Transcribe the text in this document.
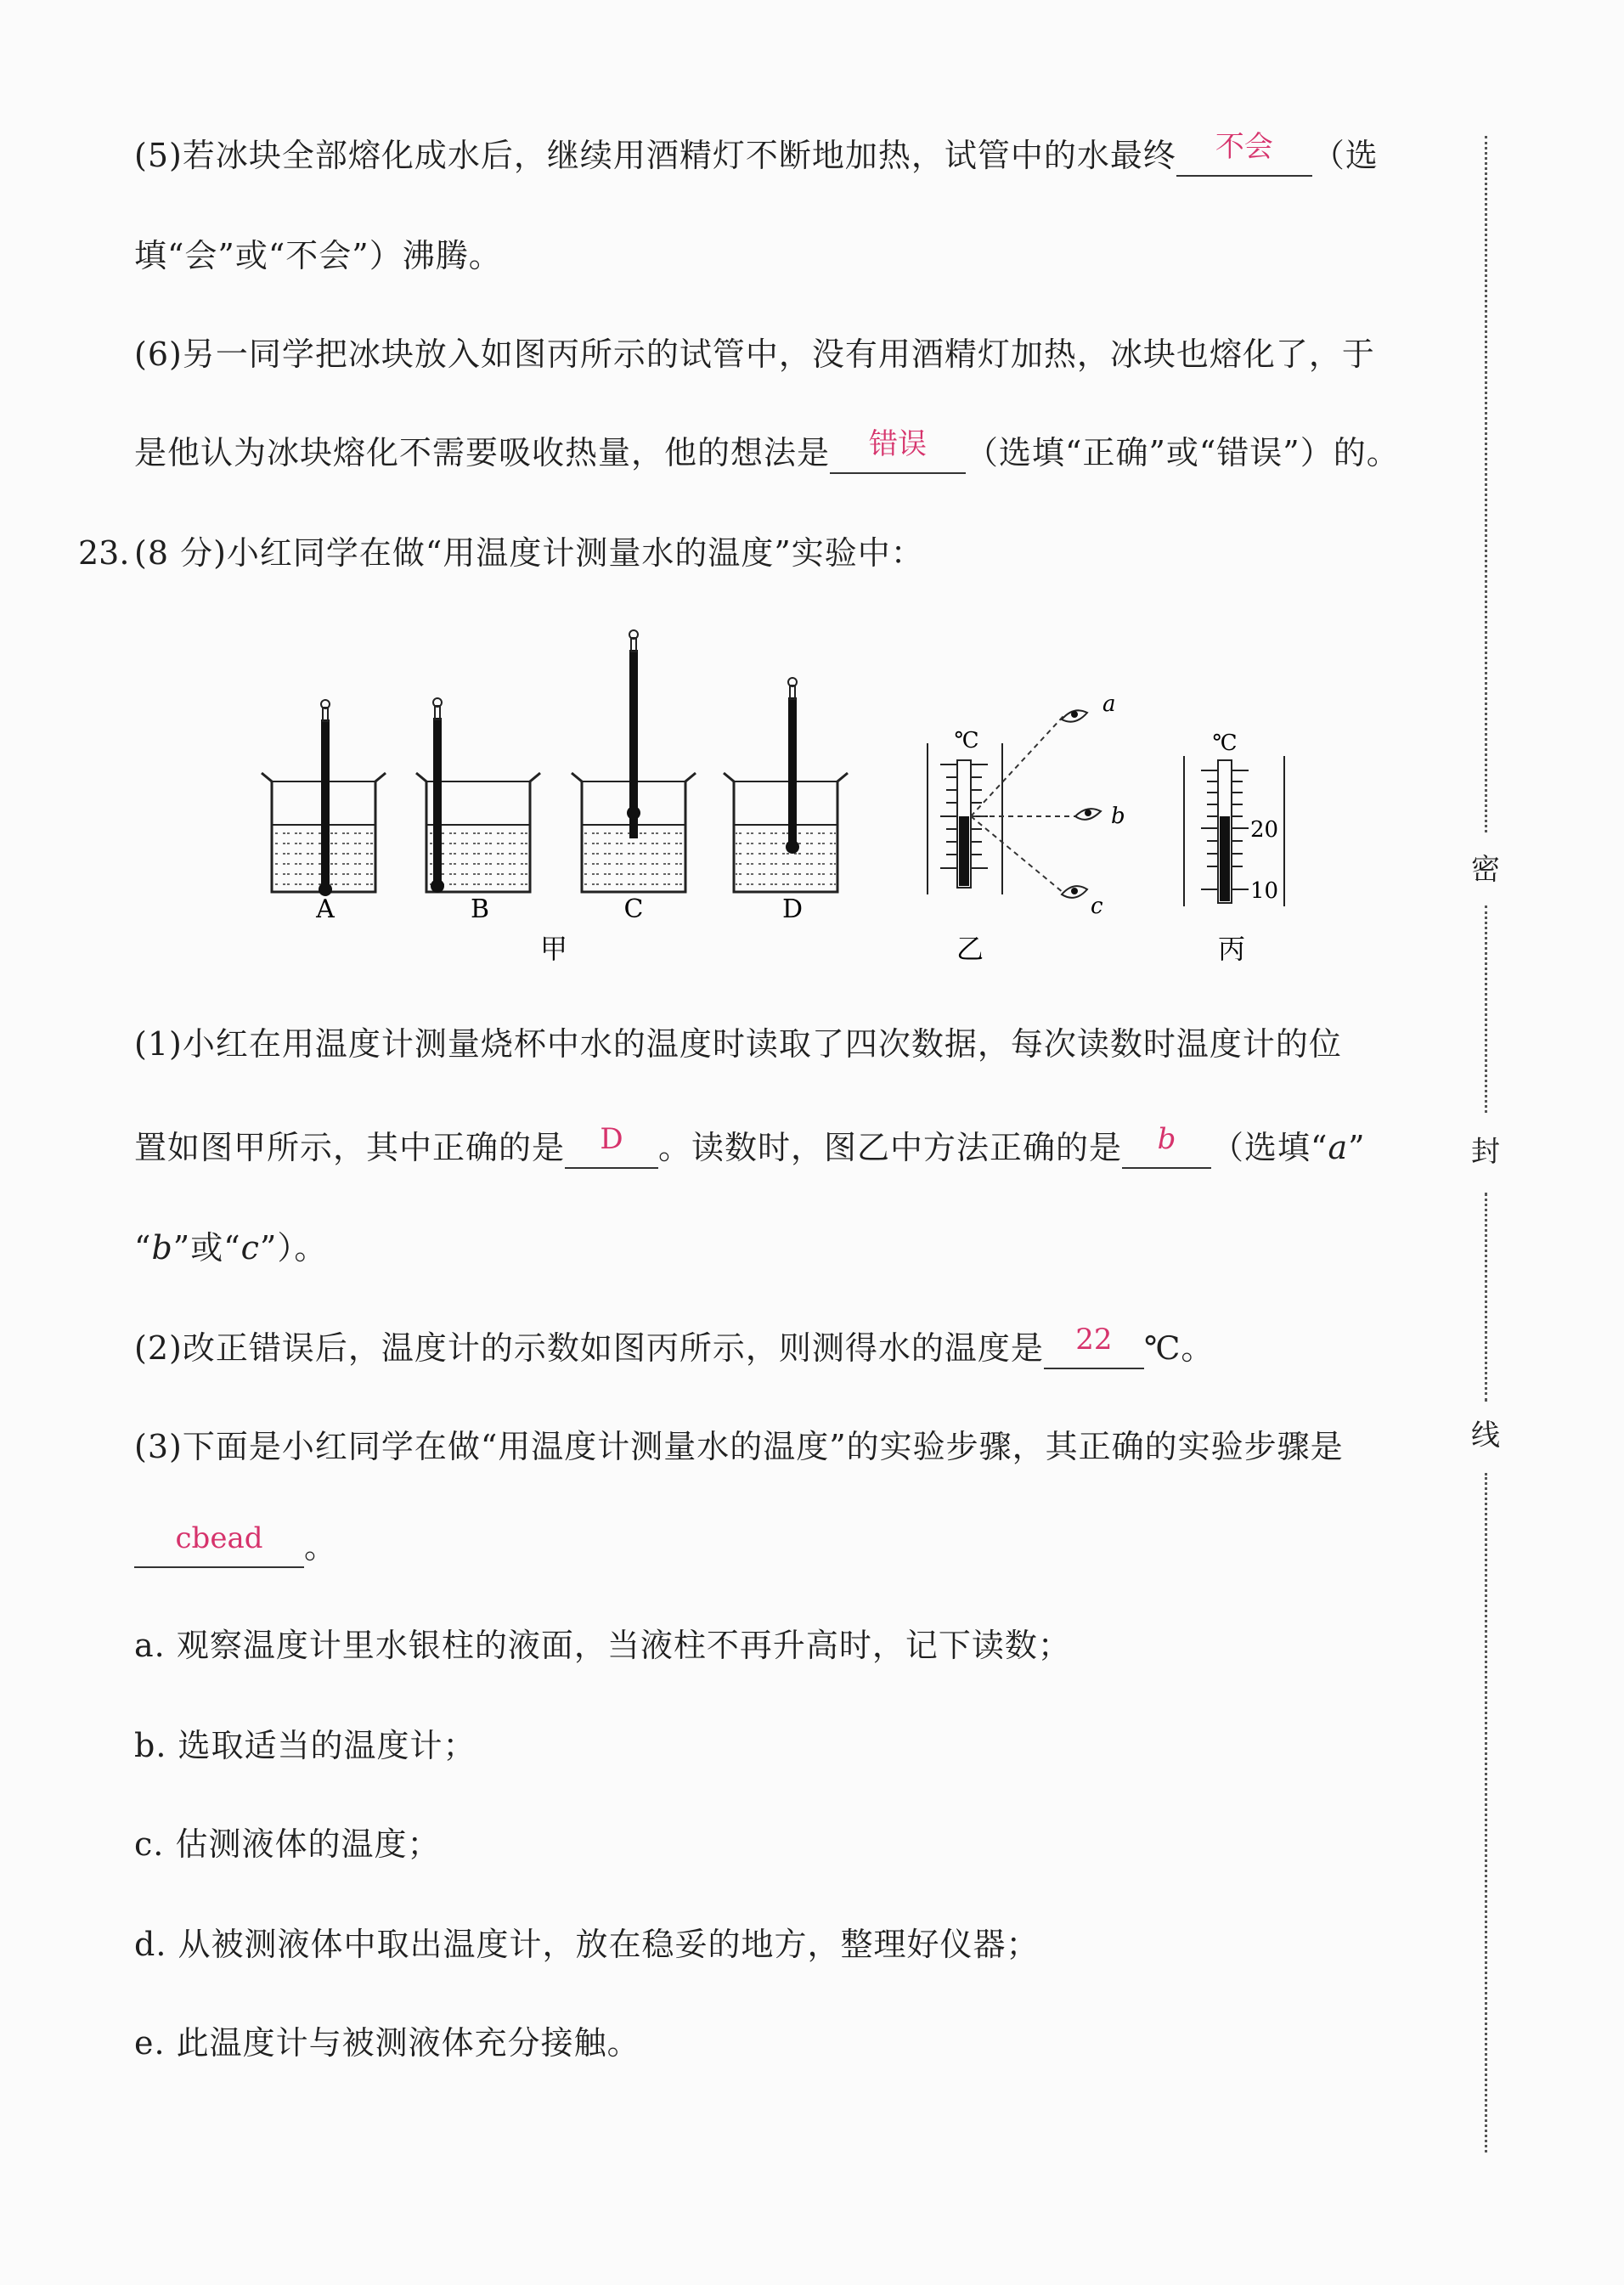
(5)若冰块全部熔化成水后，继续用酒精灯不断地加热，试管中的水最终	不会	（选
填“会”或“不会”）沸腾。
(6)另一同学把冰块放入如图丙所示的试管中，没有用酒精灯加热，冰块也熔化了，于
是他认为冰块熔化不需要吸收热量，他的想法是	错误	（选填“正确”或“错误”）的。
23. (8 分)小红同学在做“用温度计测量水的温度”实验中：
A	B	C	D
甲
℃
a
b
c
乙
℃
20
10
丙
(1)小红在用温度计测量烧杯中水的温度时读取了四次数据，每次读数时温度计的位
置如图甲所示，其中正确的是	D	。读数时，图乙中方法正确的是	b	（选填“a”
“b”或“c”）。
(2)改正错误后，温度计的示数如图丙所示，则测得水的温度是	22 ℃。
(3)下面是小红同学在做“用温度计测量水的温度”的实验步骤，其正确的实验步骤是
cbead	。
a. 观察温度计里水银柱的液面，当液柱不再升高时，记下读数；
b. 选取适当的温度计；
c. 估测液体的温度；
d. 从被测液体中取出温度计，放在稳妥的地方，整理好仪器；
e. 此温度计与被测液体充分接触。
密
封
线
